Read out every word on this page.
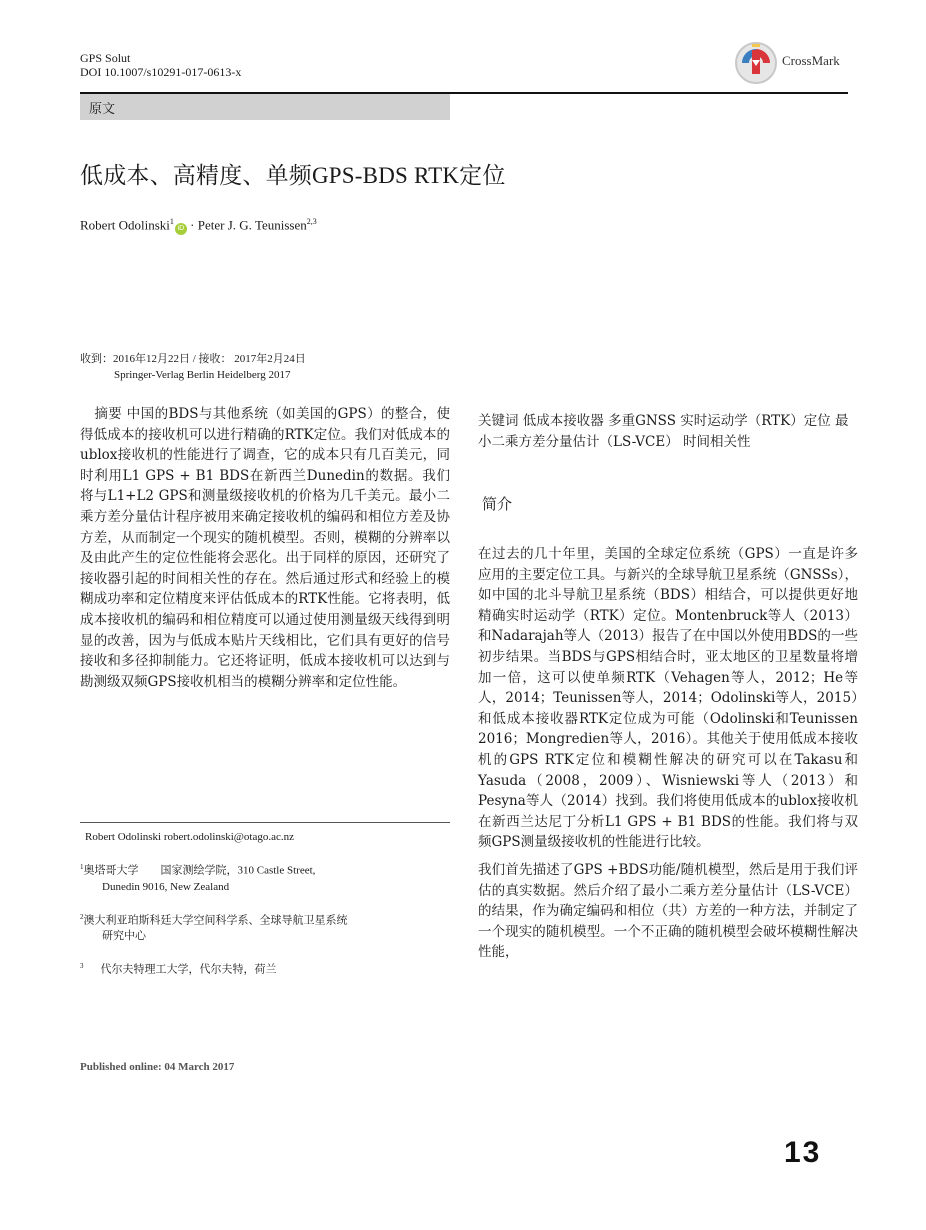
GPS Solut
DOI 10.1007/s10291-017-0613-x
CrossMark
原文
低成本、高精度、单频GPS-BDS RTK定位
Robert Odolinski$^1$iD · Peter J. G. Teunissen$^{2,3}$
收到：2016年12月22日 / 接收： 2017年2月24日
Springer-Verlag Berlin Heidelberg 2017
摘要 中国的BDS与其他系统（如美国的GPS）的整合，使得低成本的接收机可以进行精确的RTK定位。我们对低成本的ublox接收机的性能进行了调查，它的成本只有几百美元，同时利用L1 GPS + B1 BDS在新西兰Dunedin的数据。我们将与L1+L2 GPS和测量级接收机的价格为几千美元。最小二乘方差分量估计程序被用来确定接收机的编码和相位方差及协方差，从而制定一个现实的随机模型。否则，模糊的分辨率以及由此产生的定位性能将会恶化。出于同样的原因，还研究了接收器引起的时间相关性的存在。然后通过形式和经验上的模糊成功率和定位精度来评估低成本的RTK性能。它将表明，低成本接收机的编码和相位精度可以通过使用测量级天线得到明显的改善，因为与低成本贴片天线相比，它们具有更好的信号接收和多径抑制能力。它还将证明，低成本接收机可以达到与勘测级双频GPS接收机相当的模糊分辨率和定位性能。
Robert Odolinski robert.odolinski@otago.ac.nz
$^1$奥塔哥大学　　国家测绘学院，310 Castle Street,
Dunedin 9016, New Zealand
$^2$澳大利亚珀斯科廷大学空间科学系、全球导航卫星系统
研究中心
$^3$ 代尔夫特理工大学，代尔夫特，荷兰
关键词 低成本接收器 多重GNSS 实时运动学（RTK）定位 最小二乘方差分量估计（LS-VCE） 时间相关性
简介

在过去的几十年里，美国的全球定位系统（GPS）一直是许多应用的主要定位工具。与新兴的全球导航卫星系统（GNSSs），如中国的北斗导航卫星系统（BDS）相结合，可以提供更好地精确实时运动学（RTK）定位。Montenbruck等人（2013）和Nadarajah等人（2013）报告了在中国以外使用BDS的一些初步结果。当BDS与GPS相结合时，亚太地区的卫星数量将增加一倍，这可以使单频RTK（Vehagen等人，2012；He等人，2014；Teunissen等人，2014；Odolinski等人，2015）和低成本接收器RTK定位成为可能（Odolinski和Teunissen 2016；Mongredien等人，2016）。其他关于使用低成本接收机的GPS RTK定位和模糊性解决的研究可以在Takasu和Yasuda（2008，2009）、Wisniewski等人（2013）和Pesyna等人（2014）找到。我们将使用低成本的ublox接收机在新西兰达尼丁分析L1 GPS + B1 BDS的性能。我们将与双频GPS测量级接收机的性能进行比较。

我们首先描述了GPS +BDS功能/随机模型，然后是用于我们评估的真实数据。然后介绍了最小二乘方差分量估计（LS-VCE）的结果，作为确定编码和相位（共）方差的一种方法，并制定了一个现实的随机模型。一个不正确的随机模型会破坏模糊性解决性能，

Published online: 04 March 2017
13
